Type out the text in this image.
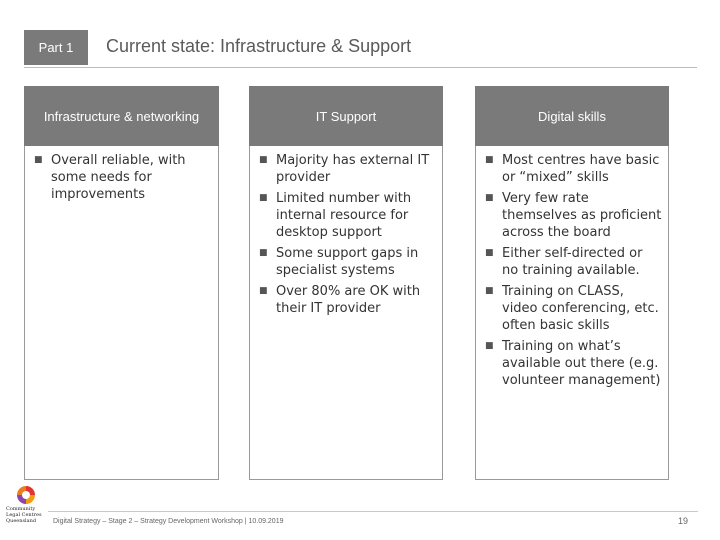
Part 1	Current state: Infrastructure & Support
Infrastructure & networking
■ Overall reliable, with some needs for improvements
IT Support
■ Majority has external IT provider
■ Limited number with internal resource for desktop support
■ Some support gaps in specialist systems
■ Over 80% are OK with their IT provider
Digital skills
■ Most centres have basic or “mixed” skills
■ Very few rate themselves as proficient across the board
■ Either self-directed or no training available.
■ Training on CLASS, video conferencing, etc. often basic skills
■ Training on what’s available out there (e.g. volunteer management)
Community Legal Centres Queensland	Digital Strategy – Stage 2 – Strategy Development Workshop | 10.09.2019	19
